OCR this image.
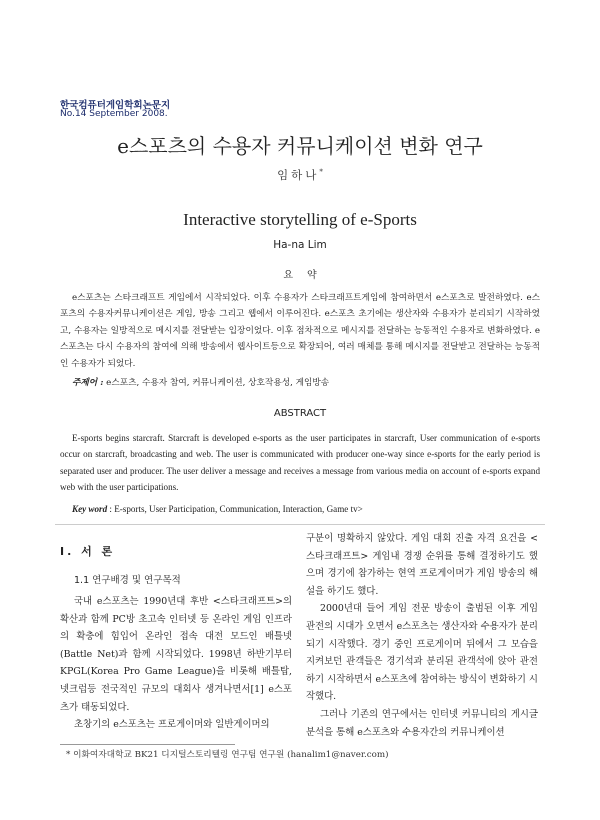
한국컴퓨터게임학회논문지
No.14 September 2008.
e스포츠의 수용자 커뮤니케이션 변화 연구
임하나*
Interactive storytelling of e-Sports
Ha-na Lim
요약

e스포츠는 스타크래프트 게임에서 시작되었다. 이후 수용자가 스타크래프트게임에 참여하면서 e스포츠로 발전하였다. e스포츠의 수용자커뮤니케이션은 게임, 방송 그리고 웹에서 이루어진다. e스포츠 초기에는 생산자와 수용자가 분리되기 시작하였고, 수용자는 일방적으로 메시지를 전달받는 입장이었다. 이후 점차적으로 메시지를 전달하는 능동적인 수용자로 변화하였다. e스포츠는 다시 수용자의 참여에 의해 방송에서 웹사이트등으로 확장되어, 여러 매체를 통해 메시지를 전달받고 전달하는 능동적인 수용자가 되었다.

주제어 : e스포츠, 수용자 참여, 커뮤니케이션, 상호작용성, 게임방송
ABSTRACT

E-sports begins starcraft. Starcraft is developed e-sports as the user participates in starcraft, User communication of e-sports occur on starcraft, broadcasting and web. The user is communicated with producer one-way since e-sports for the early period is separated user and producer. The user deliver a message and receives a message from various media on account of e-sports expand web with the user participations.

Key word : E-sports, User Participation, Communication, Interaction, Game tv>
Ⅰ. 서 론
1.1 연구배경 및 연구목적

국내 e스포츠는 1990년대 후반 <스타크래프트>의 확산과 함께 PC방 초고속 인터넷 등 온라인 게임 인프라의 확충에 힘입어 온라인 접속 대전 모드인 배틀넷(Battle Net)과 함께 시작되었다. 1998년 하반기부터 KPGL(Korea Pro Game League)을 비롯해 배틀탑, 넷크럽등 전국적인 규모의 대회사 생겨나면서[1] e스포츠가 태동되었다.

초창기의 e스포츠는 프로게이머와 일반게이머의

구분이 명확하지 않았다. 게임 대회 진출 자격 요건을 <스타크래프트> 게임내 경쟁 순위를 통해 결정하기도 했으며 경기에 참가하는 현역 프로게이머가 게임 방송의 해설을 하기도 했다.

2000년대 들어 게임 전문 방송이 출범된 이후 게임 관전의 시대가 오면서 e스포츠는 생산자와 수용자가 분리되기 시작했다. 경기 중인 프로게이머 뒤에서 그 모습을 지켜보던 관객들은 경기석과 분리된 관객석에 앉아 관전하기 시작하면서 e스포츠에 참여하는 방식이 변화하기 시작했다.

그러나 기존의 연구에서는 인터넷 커뮤니티의 게시글 분석을 통해 e스포츠와 수용자간의 커뮤니케이션

* 이화여자대학교 BK21 디지털스토리텔링 연구팀 연구원 (hanalim1@naver.com)
